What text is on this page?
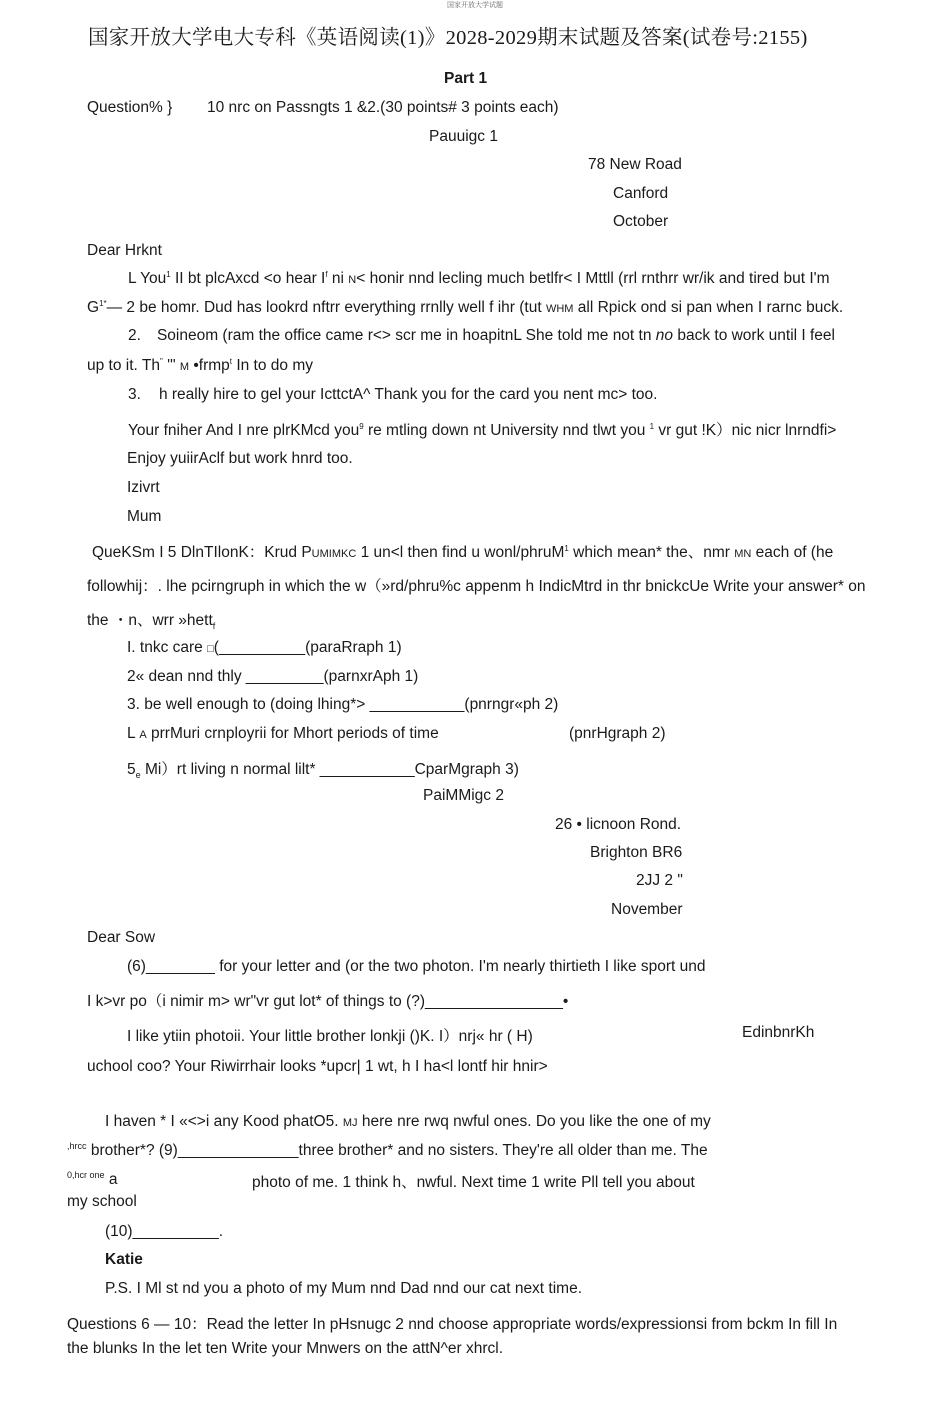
国家开放大学试题
国家开放大学电大专科《英语阅读(1)》2028-2029期末试题及答案(试卷号:2155)
Part 1
Question% } 10 nrc on Passngts 1 &2.(30 points# 3 points each)
Pauuigc 1
78 New Road
Canford
October
Dear Hrknt
L You$^1$ II bt plcAxcd <o hear $I^f$ ni N< honir nnd lecling much betlfr< I Mttll (rrl rnthrr wr/ik and tired but I'm
$G^{1*}—$ 2 be homr. Dud has lookrd nftrr everything rrnlly well f ihr (tut WHM all Rpick ond si pan when I rarnc buck.
2. Soineom (ram the office came r<> scr me in hoapitnL She told me not tn no back to work until I feel
up to it. Th" '" M •frmp$^t$ In to do my
3. h really hire to gel your IcttctA^ Thank you for the card you nent mc> too.
Your fniher And I nre plrKMcd you$^9$ re mtling down nt University nnd tlwt you $^1$ vr gut !K）nic nicr lnrndfi>
Enjoy yuiirAclf but work hnrd too.
Izivrt
Mum
QueKSm I 5 DlnTIlonK：Krud PUMIMKC 1 un<l then find u wonl/phruM$^1$ which mean* the、nmr MN each of (he
followhij：. lhe pcirngruph in which the w（»rd/phru%c appenm h IndicMtrd in thr bnickcUe Write your answer* on
the ・n、wrr »hett$_f$
I. tnkc care □(__________(paraRraph 1)
2« dean nnd thly _________(parnxrAph 1)
3. be well enough to (doing lhing*> ___________(pnrngr«ph 2)
L A prrMuri crnployrii for Mhort periods of time	(pnrHgraph 2)
$5_e$ Mi）rt living n normal lilt* ___________CparMgraph 3)
PaiMMigc 2
26 • licnoon Rond.
Brighton BR6
2JJ 2 "
November
Dear Sow
(6)________ for your letter and (or the two photon. I'm nearly thirtieth I like sport und
I k>vr po（i nimir m> wr"vr gut lot* of things to (?)________________•
I like ytiin photoii. Your little brother lonkji ()K. I）nrj« hr ( H)	EdinbnrKh
uchool coo? Your Riwirrhair looks *upcr| 1 wt, h I ha<l lontf hir hnir>
I haven * I «<>i any Kood phatO5. MJ here nre rwq nwful ones. Do you like the one of my
$^{,hrcc}$ brother*? (9)______________three brother* and no sisters. They're all older than me. The
$^{0,hcr one}$ a	photo of me. 1 think h、nwful. Next time 1 write Pll tell you about
my school
(10)__________.
Katie
P.S. I Ml st nd you a photo of my Mum nnd Dad nnd our cat next time.
Questions 6 — 10：Read the letter In pHsnugc 2 nnd choose appropriate words/expressionsi from bckm In fill In
the blunks In the let ten Write your Mnwers on the attN^er xhrcl.
